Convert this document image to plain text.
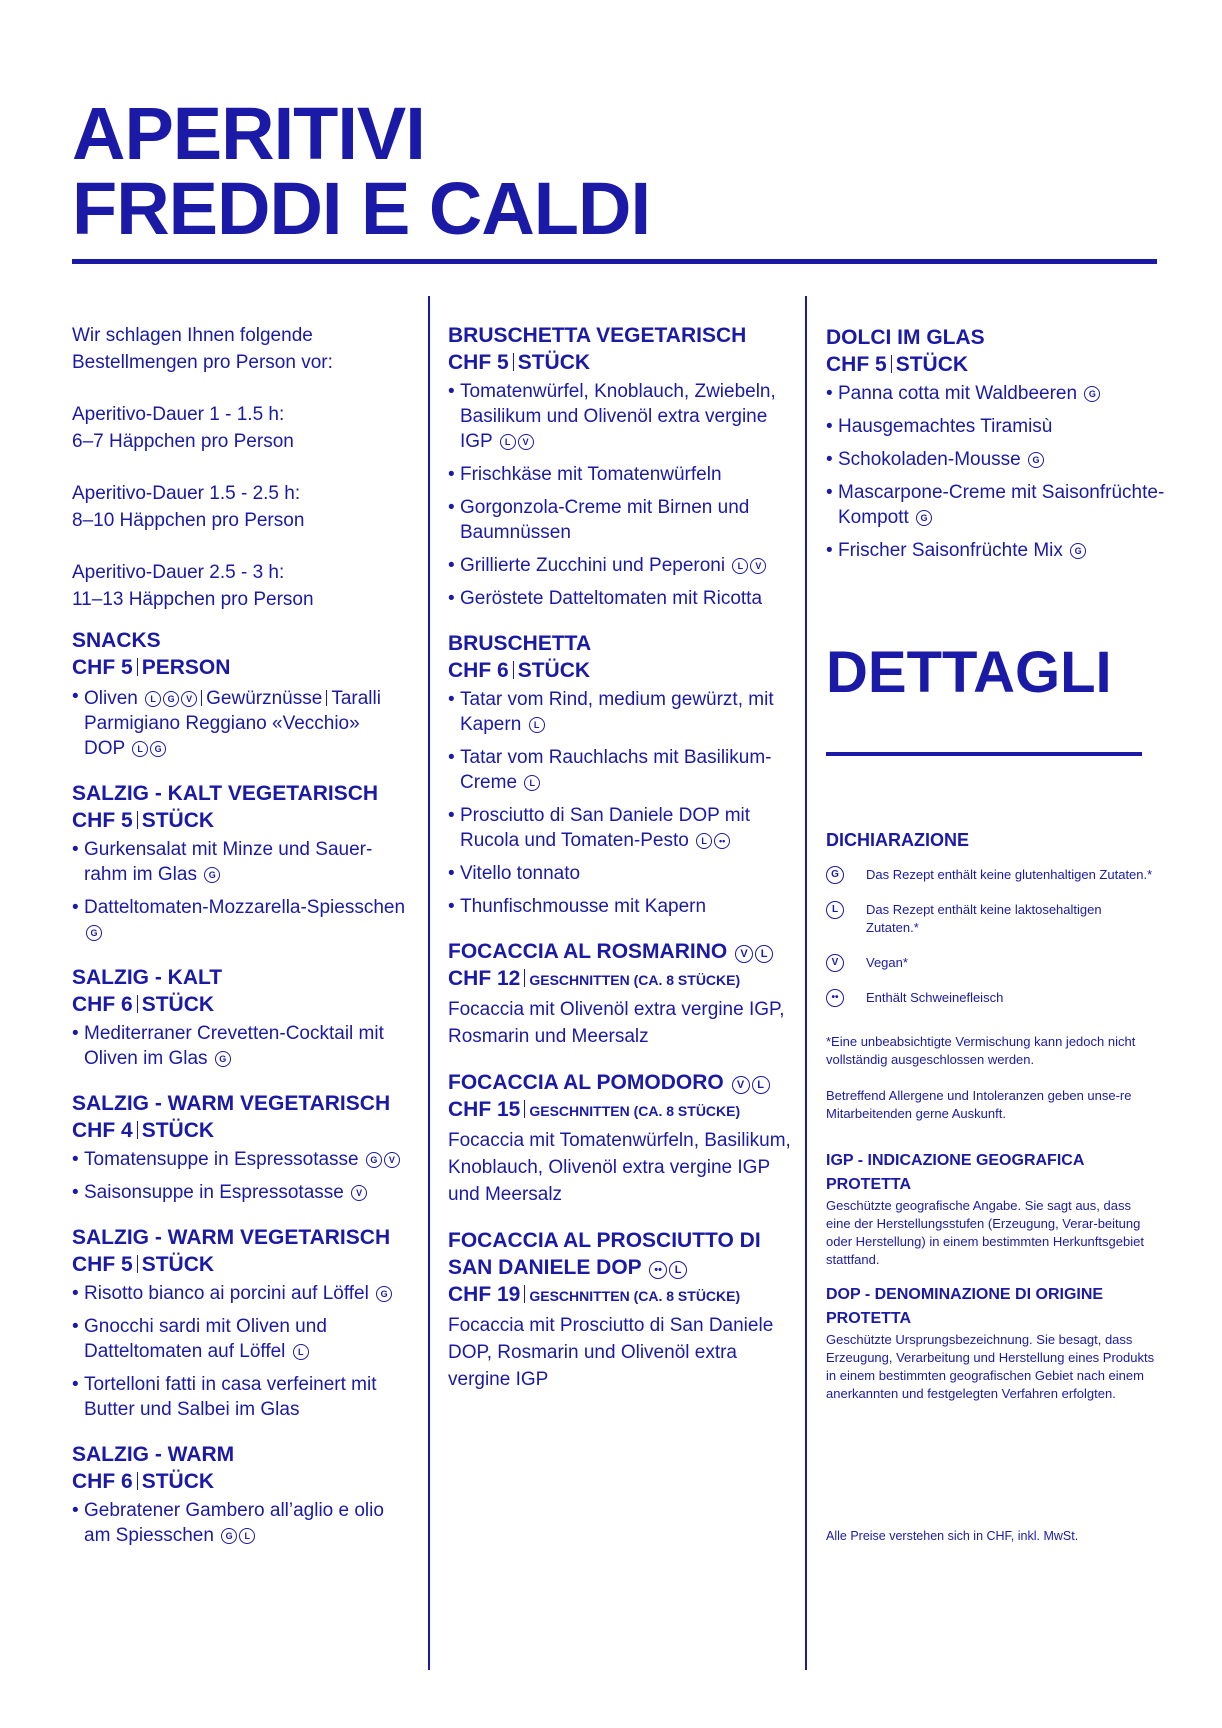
APERITIVI
FREDDI E CALDI

Wir schlagen Ihnen folgende
Bestellmengen pro Person vor:

Aperitivo-Dauer 1 - 1.5 h:
6–7 Häppchen pro Person

Aperitivo-Dauer 1.5 - 2.5 h:
8–10 Häppchen pro Person

Aperitivo-Dauer 2.5 - 3 h:
11–13 Häppchen pro Person

SNACKS
CHF 5 PERSON
• Oliven L G V Gewürznüsse Taralli
Parmigiano Reggiano «Vecchio»
DOP L G
SALZIG - KALT VEGETARISCH
CHF 5 STÜCK
• Gurkensalat mit Minze und Sauer-rahm im Glas G
• Datteltomaten-Mozzarella-Spiesschen G
SALZIG - KALT
CHF 6 STÜCK
• Mediterraner Crevetten-Cocktail mit Oliven im Glas G
SALZIG - WARM VEGETARISCH
CHF 4 STÜCK
• Tomatensuppe in Espressotasse G V
• Saisonsuppe in Espressotasse V
SALZIG - WARM VEGETARISCH
CHF 5 STÜCK
• Risotto bianco ai porcini auf Löffel G
• Gnocchi sardi mit Oliven und Datteltomaten auf Löffel L
• Tortelloni fatti in casa verfeinert mit Butter und Salbei im Glas
SALZIG - WARM
CHF 6 STÜCK
• Gebratener Gambero all’aglio e olio am Spiesschen G L
BRUSCHETTA VEGETARISCH
CHF 5 STÜCK
• Tomatenwürfel, Knoblauch, Zwiebeln, Basilikum und Olivenöl extra vergine IGP L V
• Frischkäse mit Tomatenwürfeln
• Gorgonzola-Creme mit Birnen und Baumnüssen
• Grillierte Zucchini und Peperoni L V
• Geröstete Datteltomaten mit Ricotta
BRUSCHETTA
CHF 6 STÜCK
• Tatar vom Rind, medium gewürzt, mit Kapern L
• Tatar vom Rauchlachs mit Basilikum-Creme L
• Prosciutto di San Daniele DOP mit Rucola und Tomaten-Pesto L ••
• Vitello tonnato
• Thunfischmousse mit Kapern
FOCACCIA AL ROSMARINO V L
CHF 12 GESCHNITTEN (CA. 8 STÜCKE)
Focaccia mit Olivenöl extra vergine IGP, Rosmarin und Meersalz
FOCACCIA AL POMODORO V L
CHF 15 GESCHNITTEN (CA. 8 STÜCKE)
Focaccia mit Tomatenwürfeln, Basilikum, Knoblauch, Olivenöl extra vergine IGP und Meersalz
FOCACCIA AL PROSCIUTTO DI SAN DANIELE DOP •• L
CHF 19 GESCHNITTEN (CA. 8 STÜCKE)
Focaccia mit Prosciutto di San Daniele DOP, Rosmarin und Olivenöl extra vergine IGP
DOLCI IM GLAS
CHF 5 STÜCK
• Panna cotta mit Waldbeeren G
• Hausgemachtes Tiramisù
• Schokoladen-Mousse G
• Mascarpone-Creme mit Saisonfrüchte-Kompott G
• Frischer Saisonfrüchte Mix G
DETTAGLI
DICHIARAZIONE
G	Das Rezept enthält keine glutenhaltigen Zutaten.*
L	Das Rezept enthält keine laktosehaltigen Zutaten.*
V	Vegan*
••	Enthält Schweinefleisch

*Eine unbeabsichtigte Vermischung kann jedoch nicht vollständig ausgeschlossen werden.

Betreffend Allergene und Intoleranzen geben unse-re Mitarbeitenden gerne Auskunft.

IGP - INDICAZIONE GEOGRAFICA PROTETTA
Geschützte geografische Angabe. Sie sagt aus, dass eine der Herstellungsstufen (Erzeugung, Verar-beitung oder Herstellung) in einem bestimmten Herkunftsgebiet stattfand.
DOP - DENOMINAZIONE DI ORIGINE PROTETTA
Geschützte Ursprungsbezeichnung. Sie besagt, dass Erzeugung, Verarbeitung und Herstellung eines Produkts in einem bestimmten geografischen Gebiet nach einem anerkannten und festgelegten Verfahren erfolgten.
Alle Preise verstehen sich in CHF, inkl. MwSt.
